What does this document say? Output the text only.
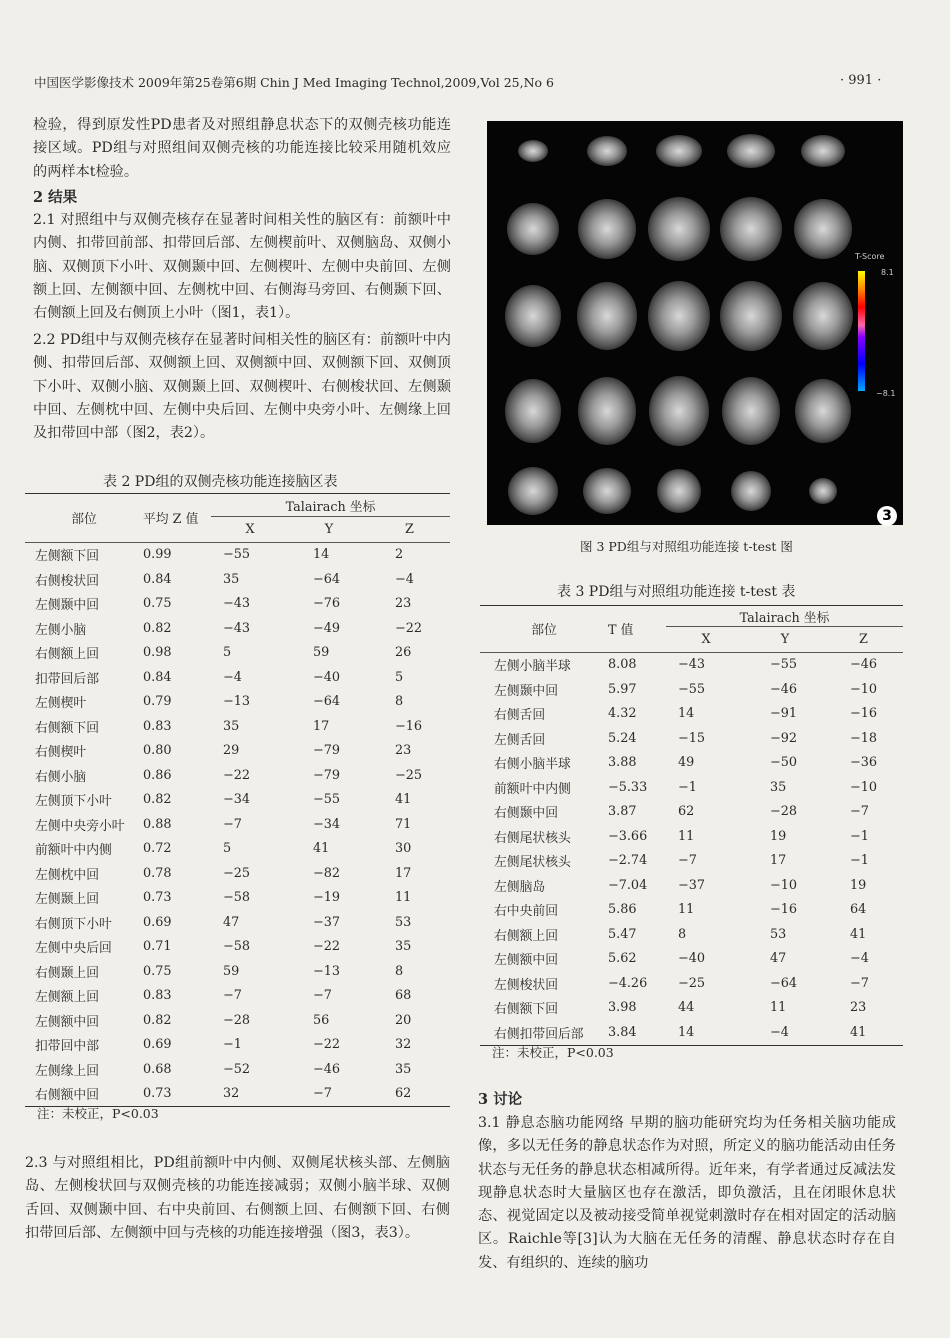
中国医学影像技术 2009年第25卷第6期 Chin J Med Imaging Technol,2009,Vol 25,No 6	· 991 ·
检验，得到原发性PD患者及对照组静息状态下的双侧壳核功能连接区域。PD组与对照组间双侧壳核的功能连接比较采用随机效应的两样本t检验。
2 结果
2.1 对照组中与双侧壳核存在显著时间相关性的脑区有：前额叶中内侧、扣带回前部、扣带回后部、左侧楔前叶、双侧脑岛、双侧小脑、双侧顶下小叶、双侧颞中回、左侧楔叶、左侧中央前回、左侧额上回、左侧额中回、左侧枕中回、右侧海马旁回、右侧颞下回、右侧额上回及右侧顶上小叶（图1，表1）。
2.2 PD组中与双侧壳核存在显著时间相关性的脑区有：前额叶中内侧、扣带回后部、双侧额上回、双侧额中回、双侧额下回、双侧顶下小叶、双侧小脑、双侧颞上回、双侧楔叶、右侧梭状回、左侧颞中回、左侧枕中回、左侧中央后回、左侧中央旁小叶、左侧缘上回及扣带回中部（图2，表2）。
表 2 PD组的双侧壳核功能连接脑区表
部位	平均 Z 值	Talairach 坐标		
		X	Y	Z
左侧额下回	0.99	−55	14	2
右侧梭状回	0.84	35	−64	−4
左侧颞中回	0.75	−43	−76	23
左侧小脑	0.82	−43	−49	−22
右侧额上回	0.98	5	59	26
扣带回后部	0.84	−4	−40	5
左侧楔叶	0.79	−13	−64	8
右侧额下回	0.83	35	17	−16
右侧楔叶	0.80	29	−79	23
右侧小脑	0.86	−22	−79	−25
左侧顶下小叶	0.82	−34	−55	41
左侧中央旁小叶	0.88	−7	−34	71
前额叶中内侧	0.72	5	41	30
左侧枕中回	0.78	−25	−82	17
左侧颞上回	0.73	−58	−19	11
右侧顶下小叶	0.69	47	−37	53
左侧中央后回	0.71	−58	−22	35
右侧颞上回	0.75	59	−13	8
左侧额上回	0.83	−7	−7	68
左侧额中回	0.82	−28	56	20
扣带回中部	0.69	−1	−22	32
左侧缘上回	0.68	−52	−46	35
右侧额中回	0.73	32	−7	62
注：未校正，P<0.03
2.3 与对照组相比，PD组前额叶中内侧、双侧尾状核头部、左侧脑岛、左侧梭状回与双侧壳核的功能连接减弱；双侧小脑半球、双侧舌回、双侧颞中回、右中央前回、右侧额上回、右侧额下回、右侧扣带回后部、左侧额中回与壳核的功能连接增强（图3，表3）。
T-Score
8.1
−8.1
3
图 3 PD组与对照组功能连接 t-test 图
表 3 PD组与对照组功能连接 t-test 表
部位	T 值	Talairach 坐标		
		X	Y	Z
左侧小脑半球	8.08	−43	−55	−46
左侧颞中回	5.97	−55	−46	−10
右侧舌回	4.32	14	−91	−16
左侧舌回	5.24	−15	−92	−18
右侧小脑半球	3.88	49	−50	−36
前额叶中内侧	−5.33	−1	35	−10
右侧颞中回	3.87	62	−28	−7
右侧尾状核头	−3.66	11	19	−1
左侧尾状核头	−2.74	−7	17	−1
左侧脑岛	−7.04	−37	−10	19
右中央前回	5.86	11	−16	64
右侧额上回	5.47	8	53	41
左侧额中回	5.62	−40	47	−4
左侧梭状回	−4.26	−25	−64	−7
右侧额下回	3.98	44	11	23
右侧扣带回后部	3.84	14	−4	41
注：未校正，P<0.03
3 讨论
3.1 静息态脑功能网络 早期的脑功能研究均为任务相关脑功能成像，多以无任务的静息状态作为对照，所定义的脑功能活动由任务状态与无任务的静息状态相减所得。近年来，有学者通过反减法发现静息状态时大量脑区也存在激活，即负激活，且在闭眼休息状态、视觉固定以及被动接受简单视觉刺激时存在相对固定的活动脑区。Raichle等[3]认为大脑在无任务的清醒、静息状态时存在自发、有组织的、连续的脑功
